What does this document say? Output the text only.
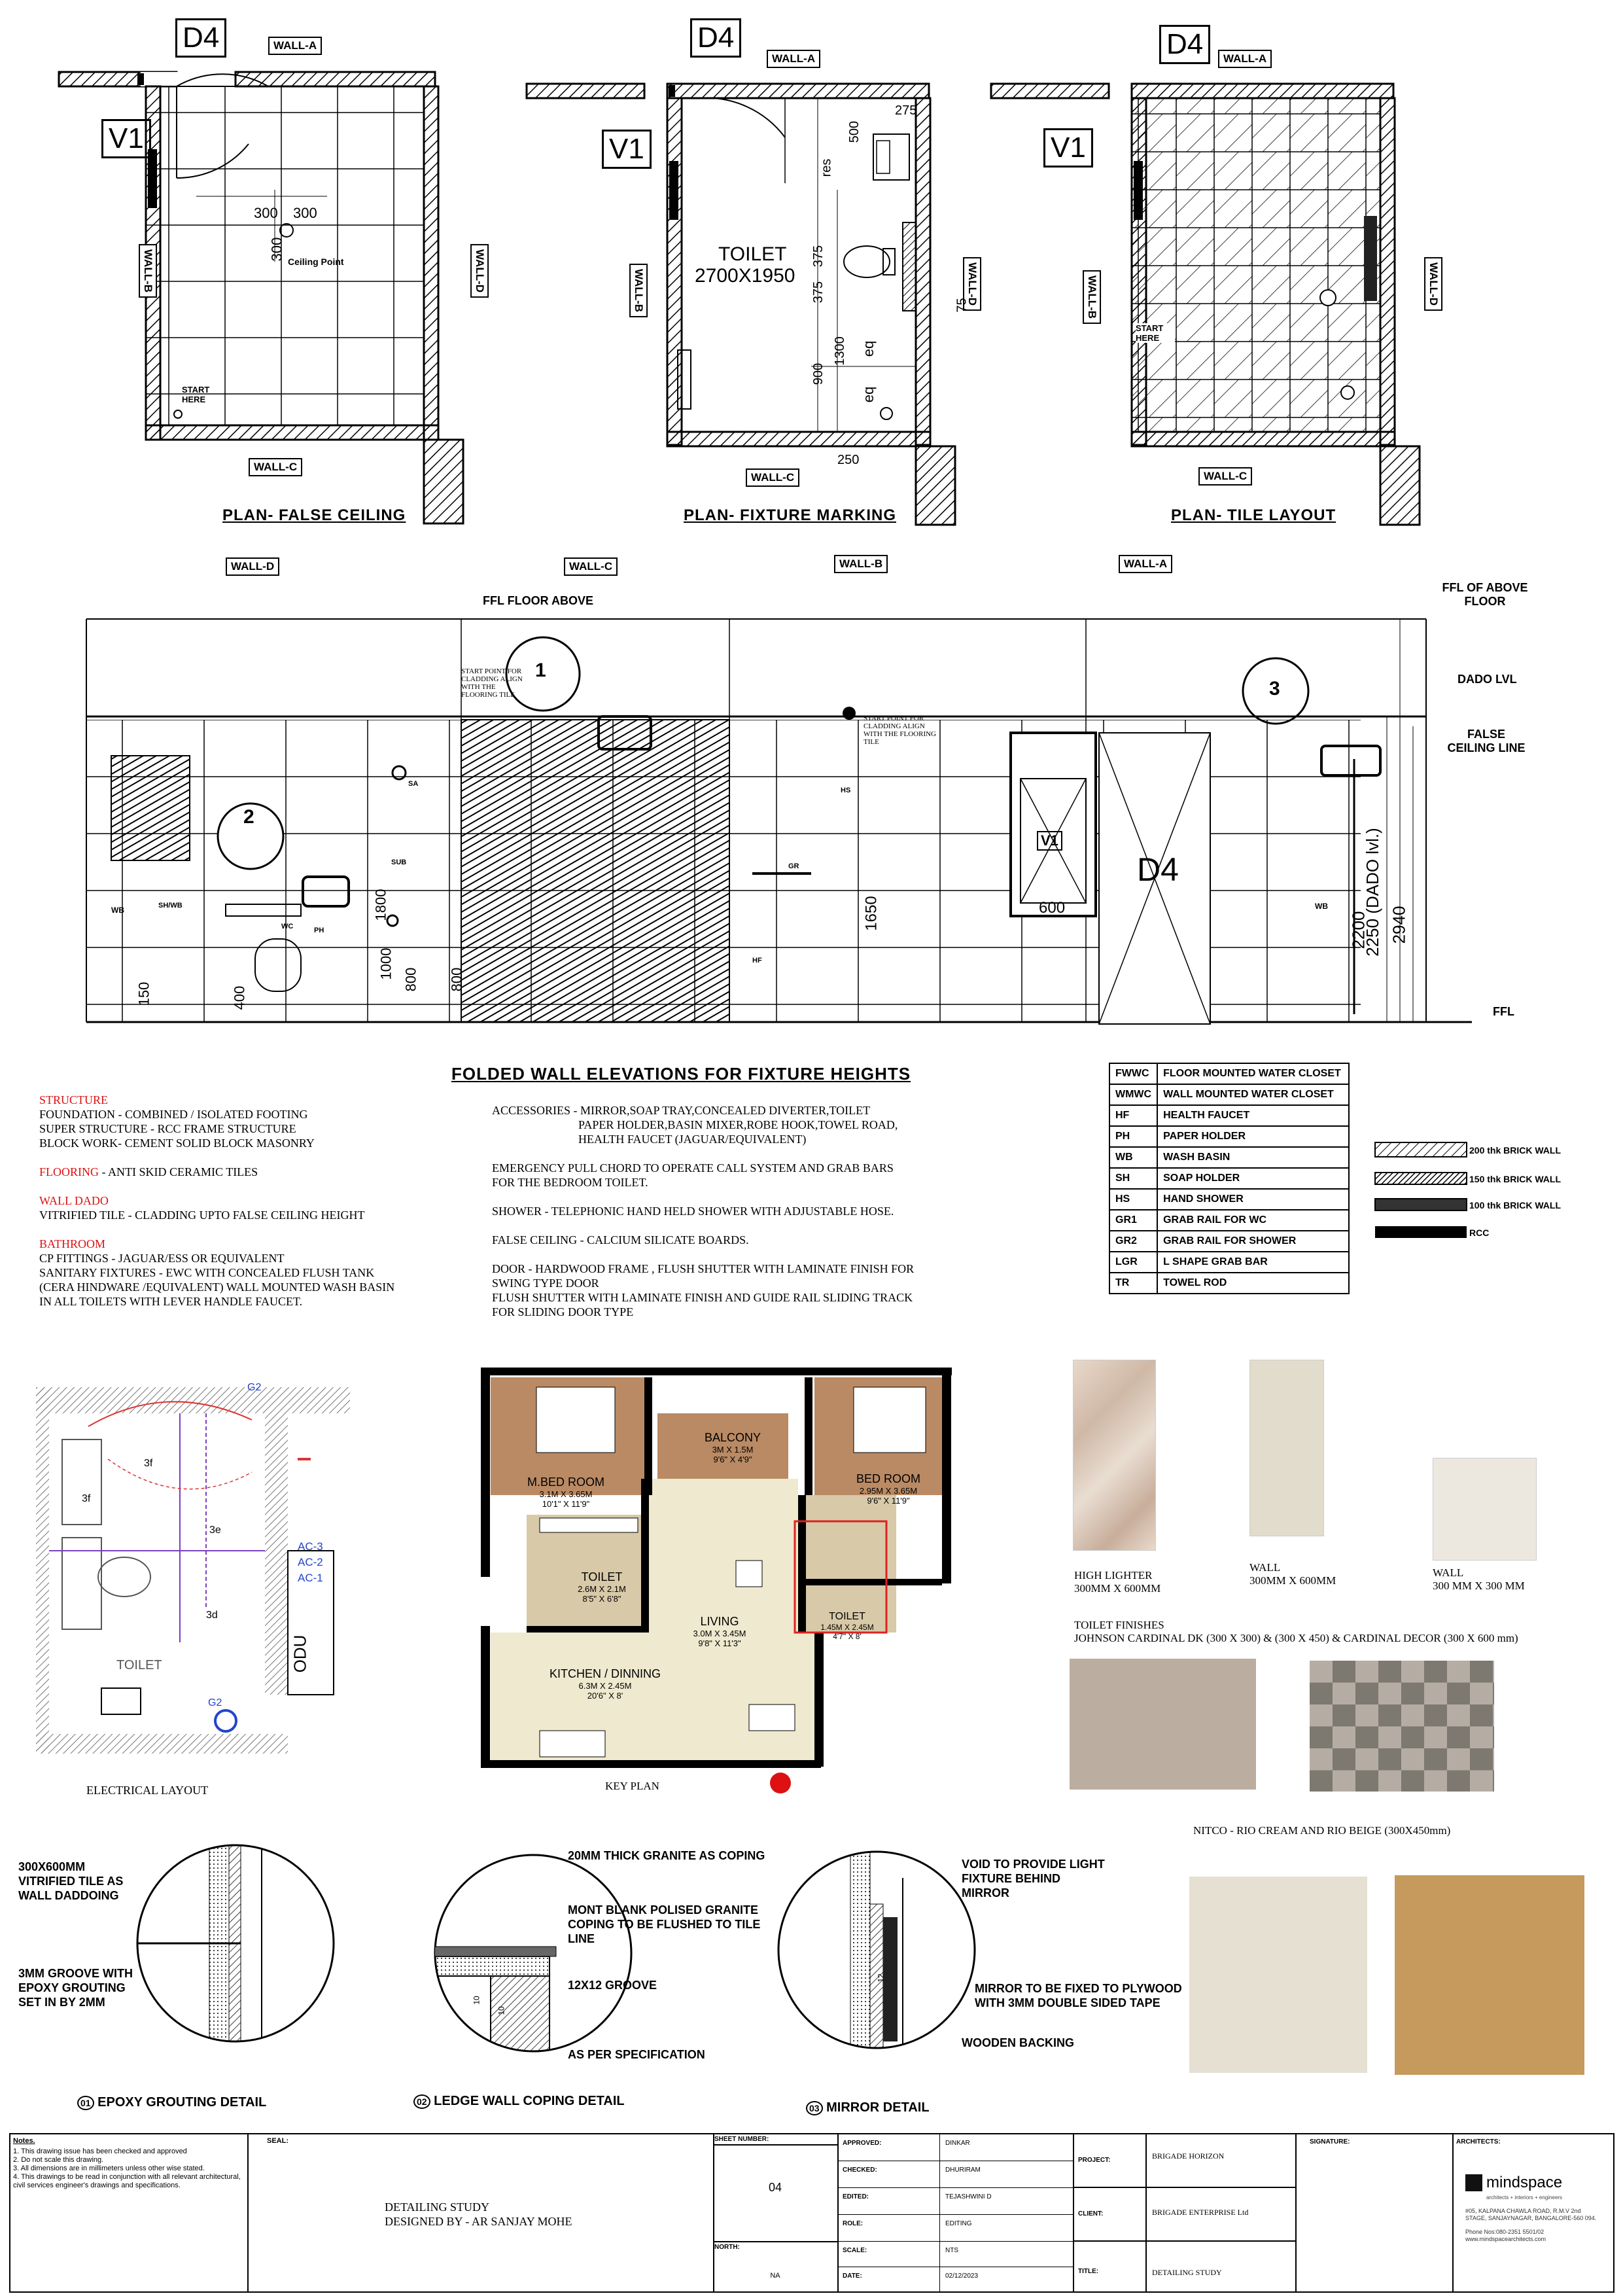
D4
V1
WALL-A
WALL-B	WALL-D
WALL-C
300 300
300
Ceiling Point
START HERE
PLAN- FALSE CEILING
D4
V1
WALL-A
WALL-B	WALL-D
WALL-C
TOILET
2700X1950
275
500
res
375
375
1300
900
250
75
eq
eq
PLAN- FIXTURE MARKING
D4
V1
WALL-A
WALL-B	WALL-D
WALL-C
START HERE
PLAN- TILE LAYOUT
WALL-D	WALL-C	WALL-B	WALL-A
FFL FLOOR ABOVE
FFL OF ABOVE FLOOR
DADO LVL
FALSE CEILING LINE
FFL
START POINT FOR CLADDING ALIGN WITH THE FLOORING TILE
START POINT FOR CLADDING ALIGN WITH THE FLOORING TILE
1
2
3
150	400
1000 800 800
1800	1650	600
2200
2250 (DADO lvl.) 2940
WB	SH/WB
WC	PH
SA
SUB	GR
HS
HF
WB
D4
V1
FOLDED WALL ELEVATIONS FOR FIXTURE HEIGHTS

STRUCTURE

FOUNDATION - COMBINED / ISOLATED FOOTING

SUPER STRUCTURE - RCC FRAME STRUCTURE

BLOCK WORK- CEMENT SOLID BLOCK MASONRY

FLOORING - ANTI SKID CERAMIC TILES

WALL DADO

VITRIFIED TILE - CLADDING UPTO FALSE CEILING HEIGHT

BATHROOM

CP FITTINGS - JAGUAR/ESS OR EQUIVALENT

SANITARY FIXTURES - EWC WITH CONCEALED FLUSH TANK

(CERA HINDWARE /EQUIVALENT) WALL MOUNTED WASH BASIN

IN ALL TOILETS WITH LEVER HANDLE FAUCET.

ACCESSORIES - MIRROR,SOAP TRAY,CONCEALED DIVERTER,TOILET

PAPER HOLDER,BASIN MIXER,ROBE HOOK,TOWEL ROAD,

HEALTH FAUCET (JAGUAR/EQUIVALENT)

EMERGENCY PULL CHORD TO OPERATE CALL SYSTEM AND GRAB BARS

FOR THE BEDROOM TOILET.

SHOWER - TELEPHONIC HAND HELD SHOWER WITH ADJUSTABLE HOSE.

FALSE CEILING - CALCIUM SILICATE BOARDS.

DOOR - HARDWOOD FRAME , FLUSH SHUTTER WITH LAMINATE FINISH FOR

SWING TYPE DOOR

FLUSH SHUTTER WITH LAMINATE FINISH AND GUIDE RAIL SLIDING TRACK

FOR SLIDING DOOR TYPE

FWWC	FLOOR MOUNTED WATER CLOSET
WMWC	WALL MOUNTED WATER CLOSET
HF	HEALTH FAUCET
PH	PAPER HOLDER
WB	WASH BASIN
SH	SOAP HOLDER
HS	HAND SHOWER
GR1	GRAB RAIL FOR WC
GR2	GRAB RAIL FOR SHOWER
LGR	L SHAPE GRAB BAR
TR	TOWEL ROD
200 thk BRICK WALL
150 thk BRICK WALL
100 thk BRICK WALL
RCC
G2
3f
3f
3e
AC-3
AC-2
AC-1
3d
TOILET
G2
ODU
ELECTRICAL LAYOUT
BALCONY
3M X 1.5M
9'6" X 4'9"
M.BED ROOM
3.1M X 3.65M
10'1" X 11'9"
BED ROOM
2.95M X 3.65M
9'6" X 11'9"
TOILET
2.6M X 2.1M
8'5" X 6'8"
LIVING
3.0M X 3.45M
9'8" X 11'3"
TOILET
1.45M X 2.45M
4'7" X 8'
KITCHEN / DINNING
6.3M X 2.45M
20'6" X 8'
KEY PLAN
HIGH LIGHTER
300MM X 600MM
WALL
300MM X 600MM
WALL
300 MM X 300 MM
TOILET FINISHES
JOHNSON CARDINAL DK (300 X 300) & (300 X 450) & CARDINAL DECOR (300 X 600 mm)
NITCO - RIO CREAM AND RIO BEIGE (300X450mm)
300X600MM VITRIFIED TILE AS WALL DADDOING
3MM GROOVE WITH EPOXY GROUTING SET IN BY 2MM
20MM THICK GRANITE AS COPING
MONT BLANK POLISED GRANITE COPING TO BE FLUSHED TO TILE LINE
12X12 GROOVE
AS PER SPECIFICATION
10
10
VOID TO PROVIDE LIGHT FIXTURE BEHIND MIRROR
MIRROR TO BE FIXED TO PLYWOOD WITH 3MM DOUBLE SIDED TAPE
WOODEN BACKING
12
01 EPOXY GROUTING DETAIL	02 LEDGE WALL COPING DETAIL	03 MIRROR DETAIL
Notes.
1. This drawing issue has been checked and approved
2. Do not scale this drawing.
3. All dimensions are in millimeters unless other wise stated.
4. This drawings to be read in conjunction with all relevant architectural, civil services engineer's drawings and specifications.
SEAL:
DETAILING STUDY
DESIGNED BY - AR SANJAY MOHE
SHEET NUMBER:
04
NORTH:
NA
APPROVED:	DINKAR
CHECKED:	DHURIRAM
EDITED:	TEJASHWINI D
ROLE:	EDITING
SCALE:	NTS
DATE:	02/12/2023
PROJECT:	BRIGADE HORIZON
CLIENT:	BRIGADE ENTERPRISE Ltd
TITLE:	DETAILING STUDY
SIGNATURE:	ARCHITECTS:
mindspace
architects + interiors + engineers
#05, KALPANA CHAWLA ROAD, R.M.V 2nd STAGE, SANJAYNAGAR, BANGALORE-560 094.
Phone Nos:080-2351 5501/02
www.mindspacearchitects.com
